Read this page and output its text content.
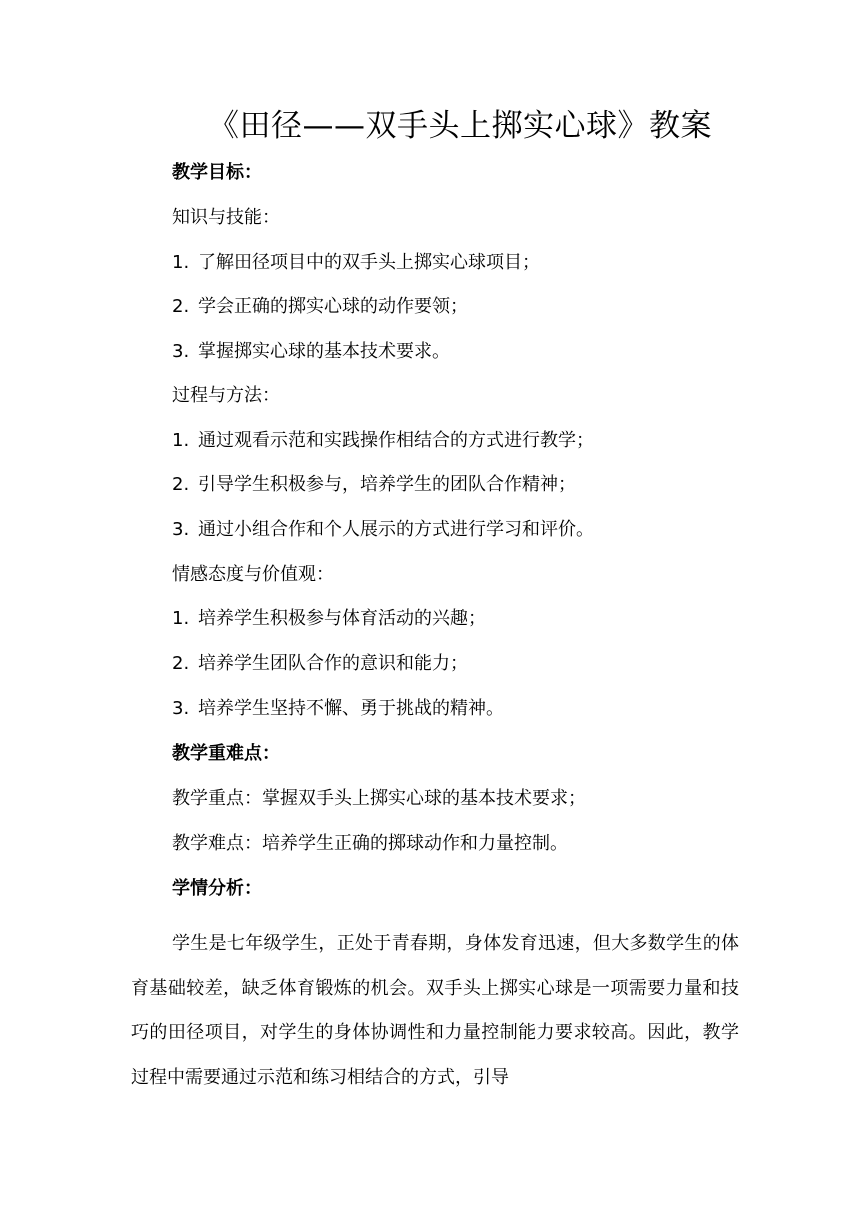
《田径——双手头上掷实心球》教案
教学目标：
知识与技能：
1. 了解田径项目中的双手头上掷实心球项目；
2. 学会正确的掷实心球的动作要领；
3. 掌握掷实心球的基本技术要求。
过程与方法：
1. 通过观看示范和实践操作相结合的方式进行教学；
2. 引导学生积极参与，培养学生的团队合作精神；
3. 通过小组合作和个人展示的方式进行学习和评价。
情感态度与价值观：
1. 培养学生积极参与体育活动的兴趣；
2. 培养学生团队合作的意识和能力；
3. 培养学生坚持不懈、勇于挑战的精神。
教学重难点：
教学重点：掌握双手头上掷实心球的基本技术要求；
教学难点：培养学生正确的掷球动作和力量控制。
学情分析：
学生是七年级学生，正处于青春期，身体发育迅速，但大多数学生的体育基础较差，缺乏体育锻炼的机会。双手头上掷实心球是一项需要力量和技巧的田径项目，对学生的身体协调性和力量控制能力要求较高。因此，教学过程中需要通过示范和练习相结合的方式，引导
